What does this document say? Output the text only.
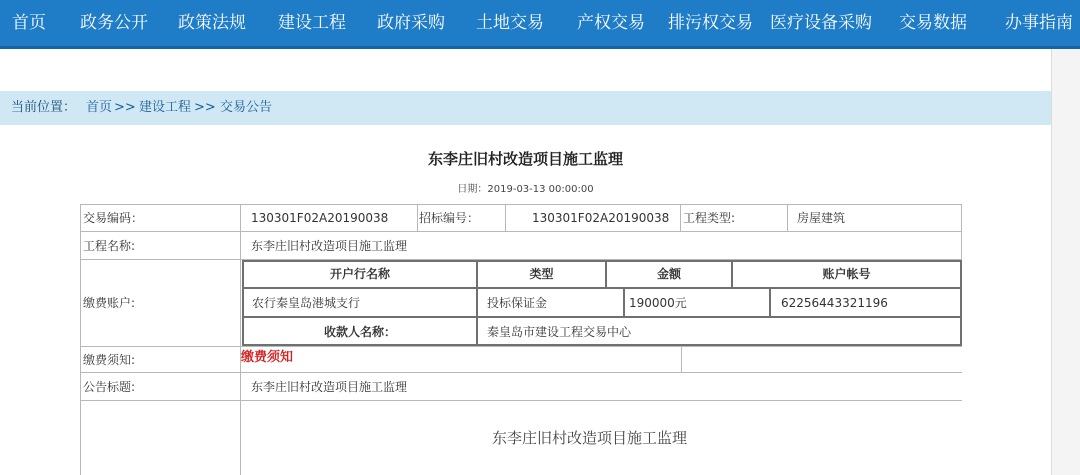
首页 政务公开 政策法规 建设工程 政府采购 土地交易 产权交易 排污权交易 医疗设备采购 交易数据 办事指南
当前位置： 首页 >> 建设工程 >> 交易公告
东李庄旧村改造项目施工监理
日期：2019-03-13 00:00:00
交易编码：	130301F02A20190038	招标编号：	130301F02A20190038 工程类型:	房屋建筑
工程名称:	东李庄旧村改造项目施工监理
缴费账户:
开户行名称	类型	金额	账户帐号
农行秦皇岛港城支行	投标保证金	190000元	62256443321196
收款人名称：	秦皇岛市建设工程交易中心
缴费须知:	缴费须知
公告标题:	东李庄旧村改造项目施工监理
东李庄旧村改造项目施工监理
